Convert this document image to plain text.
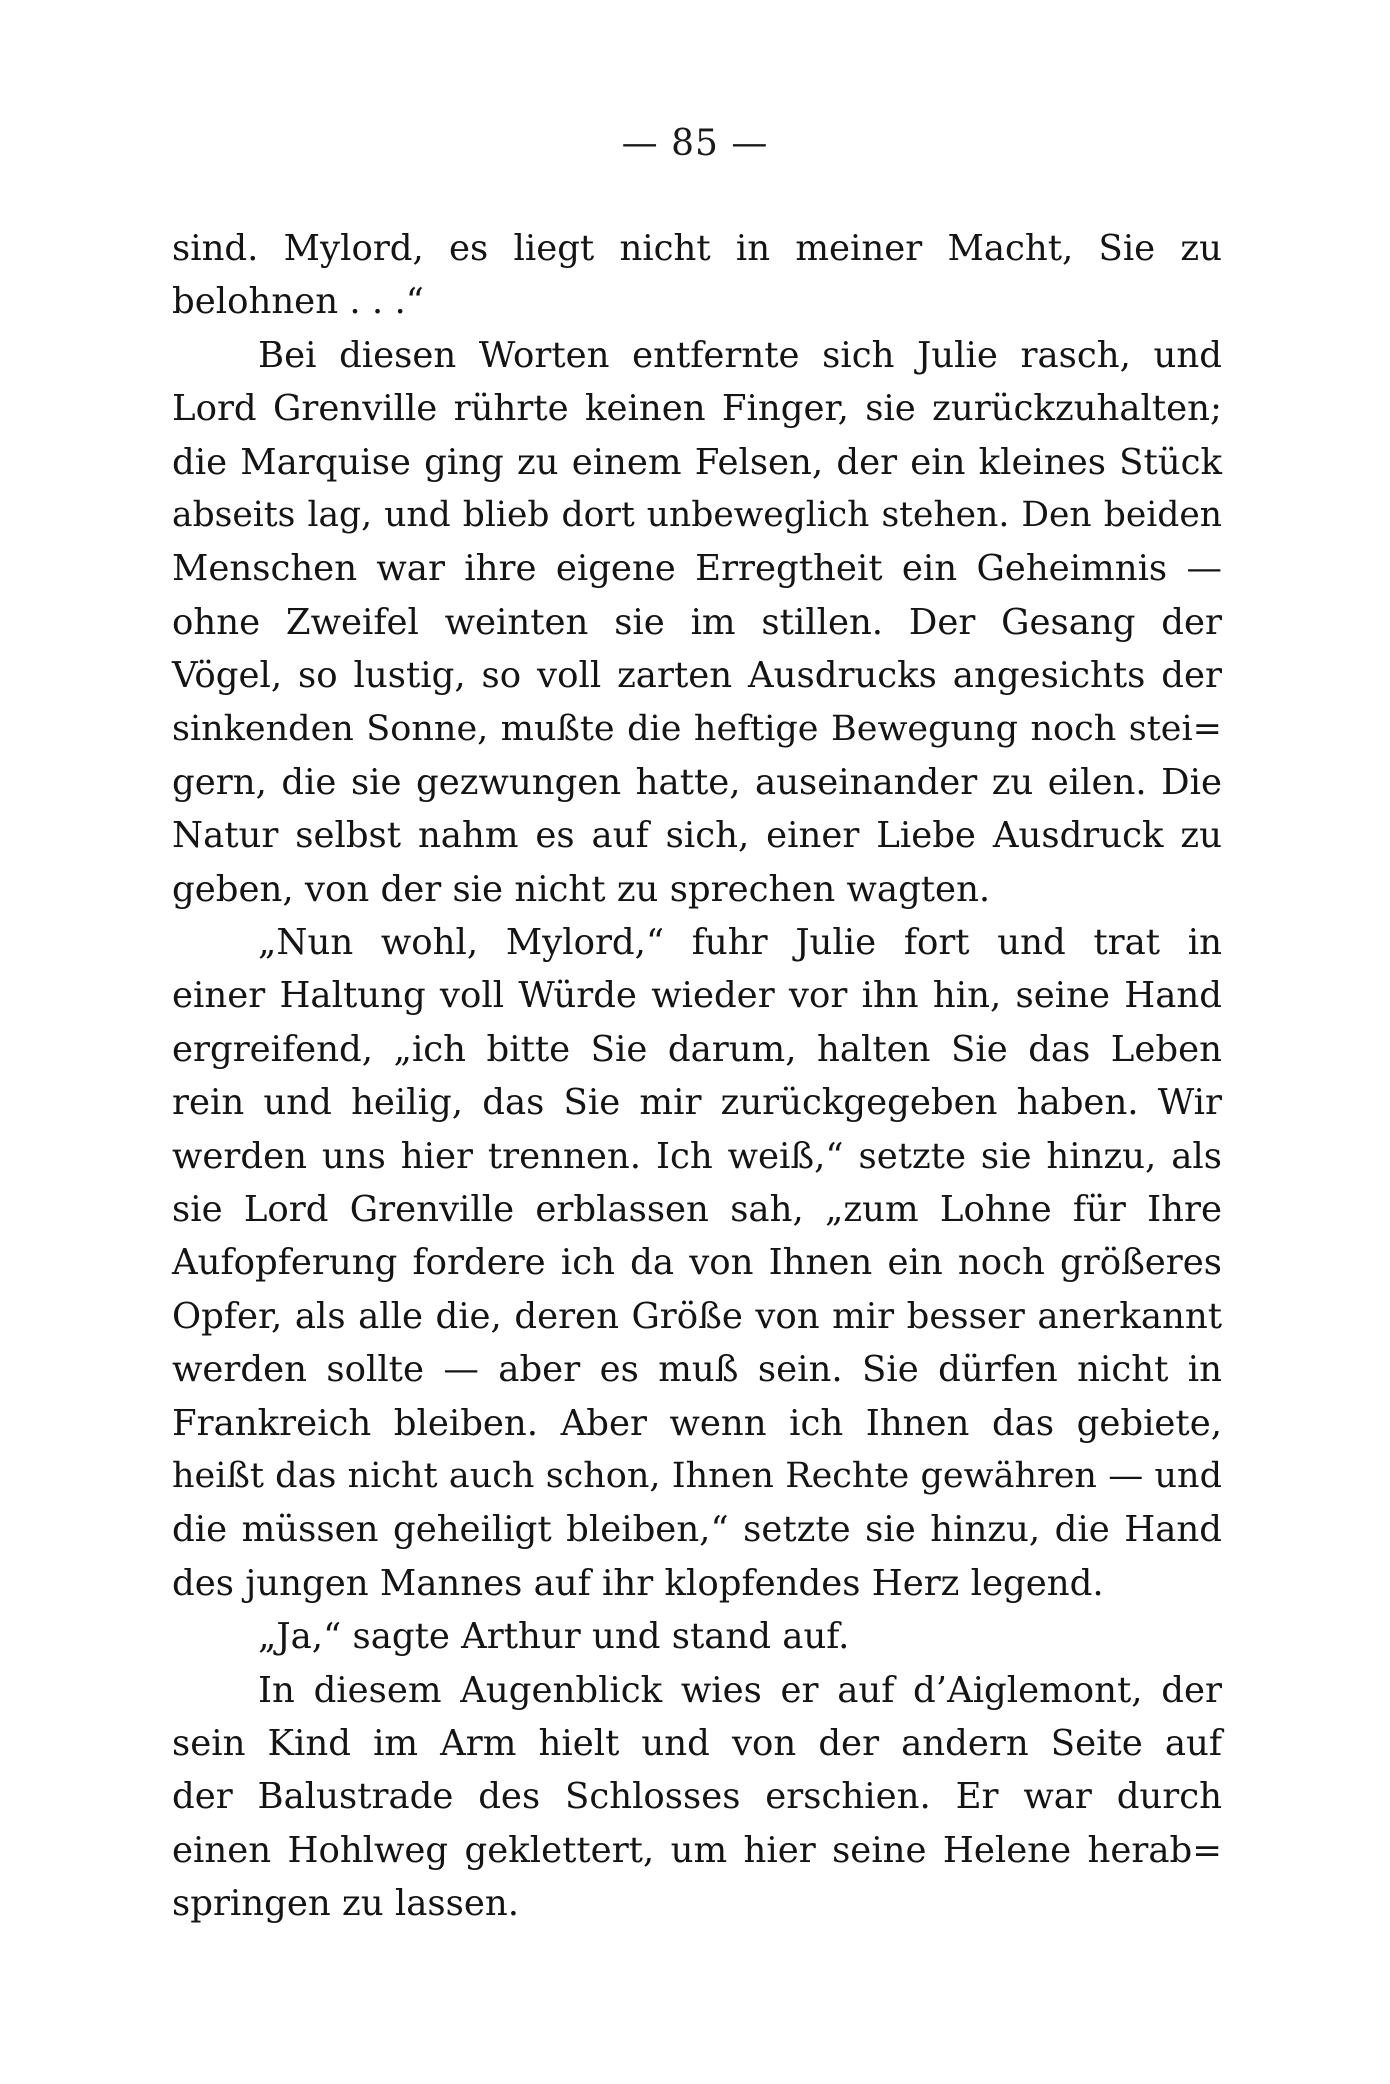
— 85 —
sind. Mylord, es liegt nicht in meiner Macht, Sie zu
belohnen . . .“
Bei diesen Worten entfernte sich Julie rasch, und
Lord Grenville rührte keinen Finger, sie zurückzuhalten;
die Marquise ging zu einem Felsen, der ein kleines Stück
abseits lag, und blieb dort unbeweglich stehen. Den beiden
Menschen war ihre eigene Erregtheit ein Geheimnis —
ohne Zweifel weinten sie im stillen. Der Gesang der
Vögel, so lustig, so voll zarten Ausdrucks angesichts der
sinkenden Sonne, mußte die heftige Bewegung noch stei=
gern, die sie gezwungen hatte, auseinander zu eilen. Die
Natur selbst nahm es auf sich, einer Liebe Ausdruck zu
geben, von der sie nicht zu sprechen wagten.
„Nun wohl, Mylord,“ fuhr Julie fort und trat in
einer Haltung voll Würde wieder vor ihn hin, seine Hand
ergreifend, „ich bitte Sie darum, halten Sie das Leben
rein und heilig, das Sie mir zurückgegeben haben. Wir
werden uns hier trennen. Ich weiß,“ setzte sie hinzu, als
sie Lord Grenville erblassen sah, „zum Lohne für Ihre
Aufopferung fordere ich da von Ihnen ein noch größeres
Opfer, als alle die, deren Größe von mir besser anerkannt
werden sollte — aber es muß sein. Sie dürfen nicht in
Frankreich bleiben. Aber wenn ich Ihnen das gebiete,
heißt das nicht auch schon, Ihnen Rechte gewähren — und
die müssen geheiligt bleiben,“ setzte sie hinzu, die Hand
des jungen Mannes auf ihr klopfendes Herz legend.
„Ja,“ sagte Arthur und stand auf.
In diesem Augenblick wies er auf d’Aiglemont, der
sein Kind im Arm hielt und von der andern Seite auf
der Balustrade des Schlosses erschien. Er war durch
einen Hohlweg geklettert, um hier seine Helene herab=
springen zu lassen.
